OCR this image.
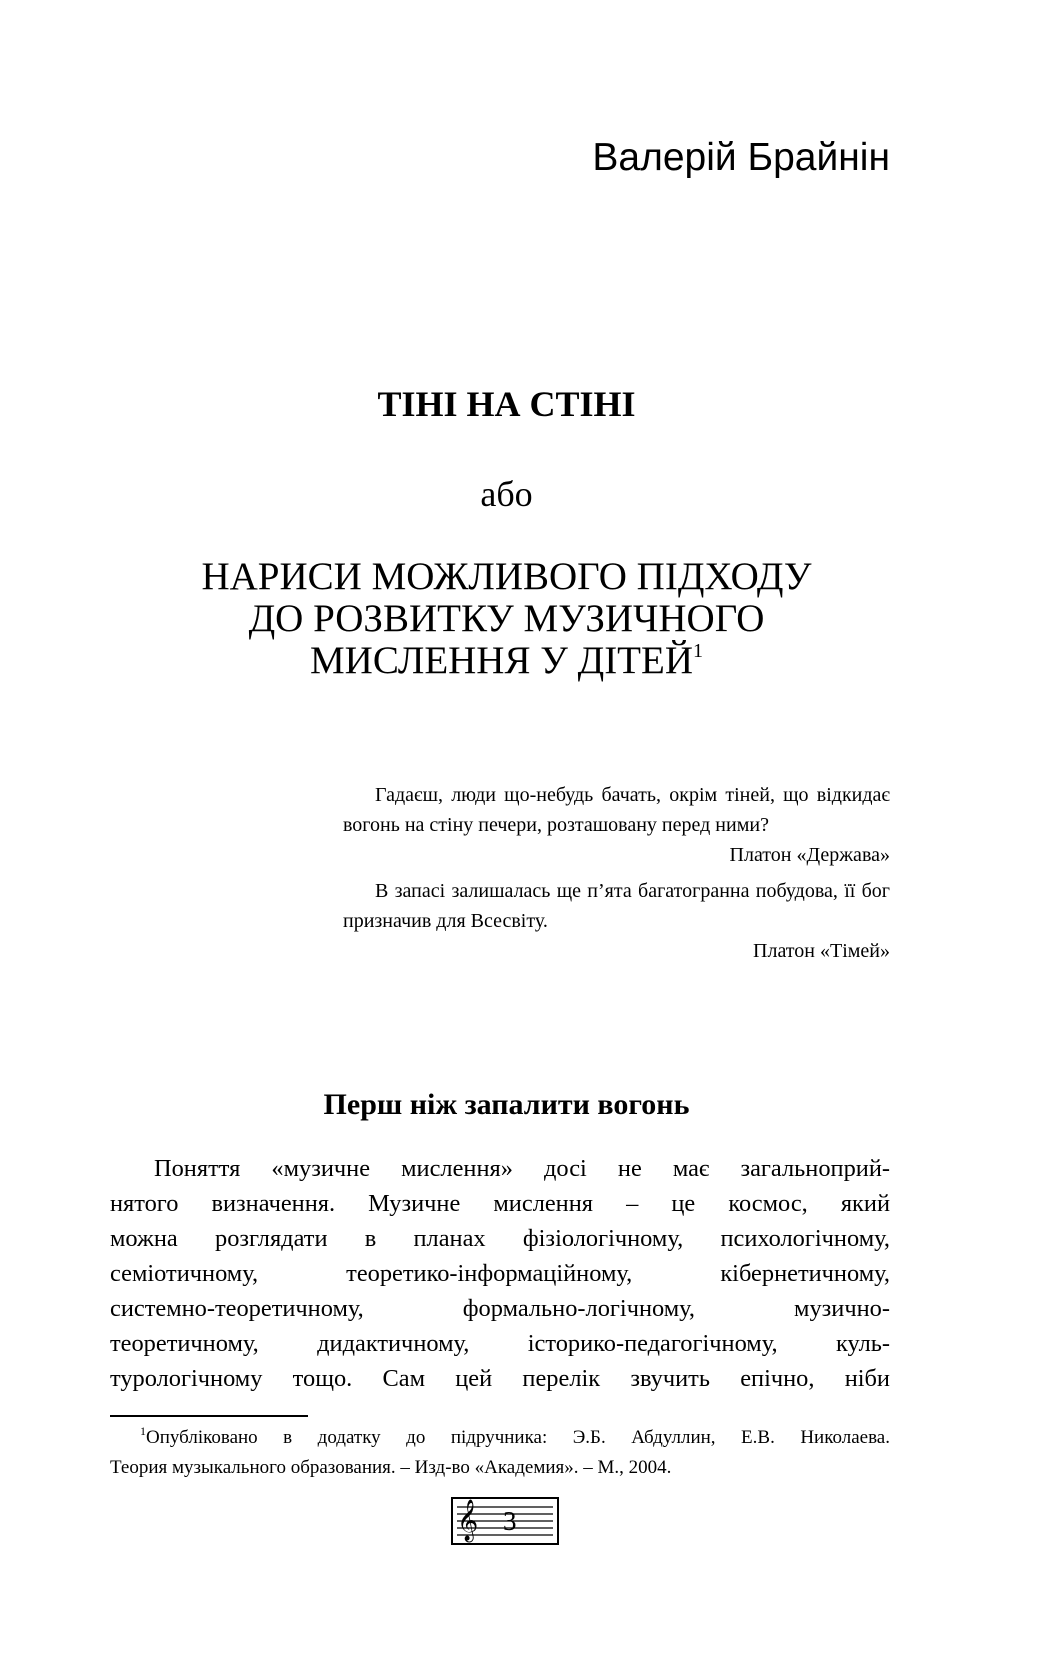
Валерій Брайнін
ТІНІ НА СТІНІ
або
НАРИСИ МОЖЛИВОГО ПІДХОДУ
ДО РОЗВИТКУ МУЗИЧНОГО
МИСЛЕННЯ У ДІТЕЙ$^1$
Гадаєш, люди що-небудь бачать, окрім тіней, що відкидає вогонь на стіну печери, розташовану перед ними?
Платон «Держава»
В запасі залишалась ще п’ята багатогранна побудова, її бог призначив для Всесвіту.
Платон «Тімей»
Перш ніж запалити вогонь
Поняття «музичне мислення» досі не має загальноприй-
нятого визначення. Музичне мислення – це космос, який
можна розглядати в планах фізіологічному, психологічному,
семіотичному, теоретико-інформаційному, кібернетичному,
системно-теоретичному, формально-логічному, музично-
теоретичному, дидактичному, історико-педагогічному, куль-
турологічному тощо. Сам цей перелік звучить епічно, ніби
$^1$Опубліковано в додатку до підручника: Э.Б. Абдуллин, Е.В. Николаева.
Теория музыкального образования. – Изд-во «Академия». – М., 2004.
𝄞 3
